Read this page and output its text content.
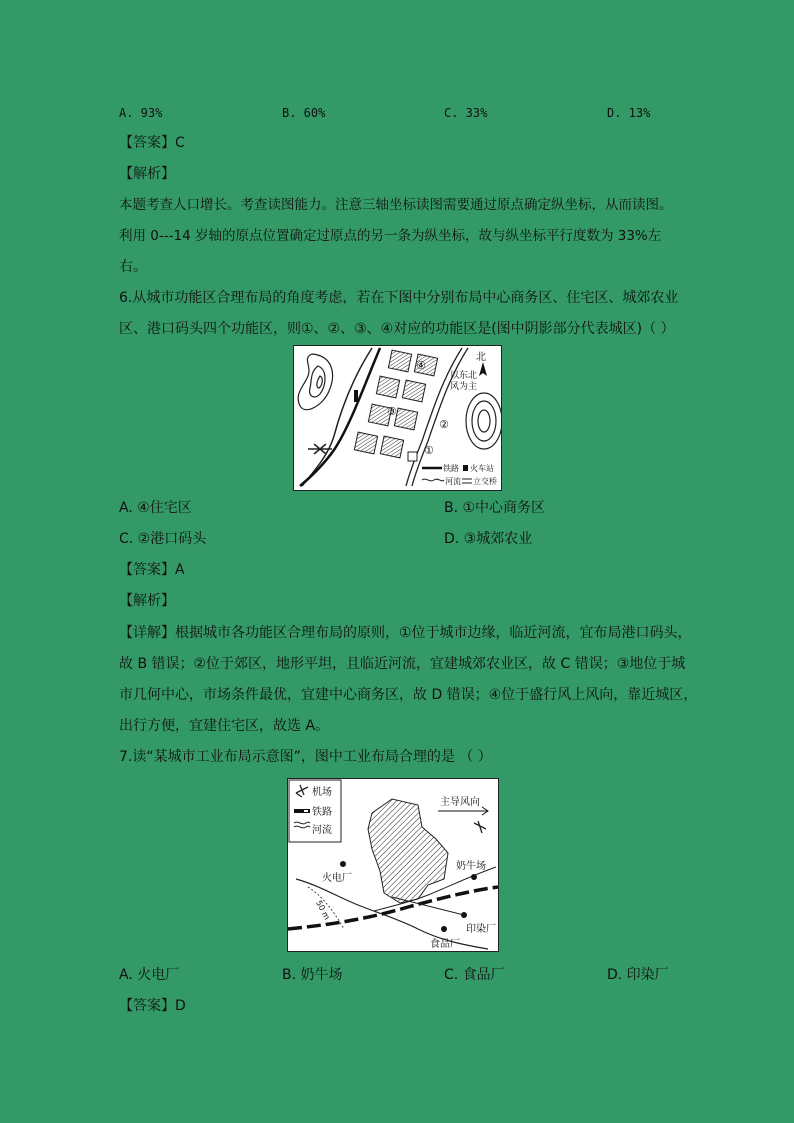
A. 93%	B. 60%	C. 33%	D. 13%
【答案】C
【解析】
本题考查人口增长。考查读图能力。注意三轴坐标读图需要通过原点确定纵坐标，从而读图。
利用 0---14 岁轴的原点位置确定过原点的另一条为纵坐标，故与纵坐标平行度数为 33%左
右。
6.从城市功能区合理布局的角度考虑，若在下图中分别布局中心商务区、住宅区、城郊农业
区、港口码头四个功能区，则①、②、③、④对应的功能区是(图中阴影部分代表城区)（ ）
北
以东北
风为主
④
③
②
①
铁路 火车站
河流 立交桥
A. ④住宅区	B. ①中心商务区
C. ②港口码头	D. ③城郊农业
【答案】A
【解析】
【详解】根据城市各功能区合理布局的原则，①位于城市边缘，临近河流，宜布局港口码头，
故 B 错误；②位于郊区，地形平坦，且临近河流，宜建城郊农业区，故 C 错误；③地位于城
市几何中心，市场条件最优，宜建中心商务区，故 D 错误；④位于盛行风上风向，靠近城区，
出行方便，宜建住宅区，故选 A。
7.读“某城市工业布局示意图”，图中工业布局合理的是 （ ）
机场
铁路
河流
主导风向
奶牛场
火电厂
食品厂
印染厂
50 m
A. 火电厂	B. 奶牛场	C. 食品厂	D. 印染厂
【答案】D
